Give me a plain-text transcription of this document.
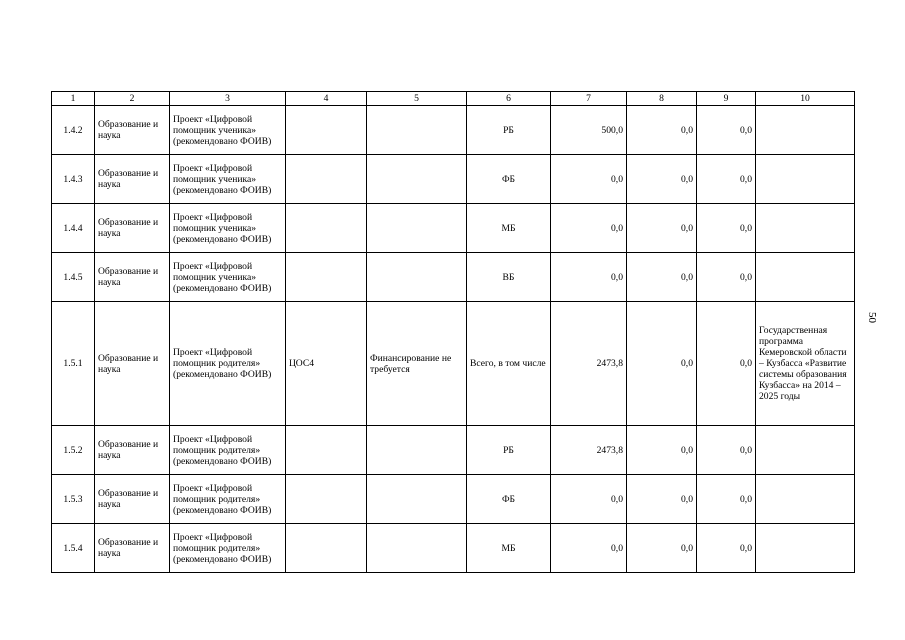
50
1	2	3	4	5	6	7	8	9	10
1.4.2	Образование и наука	Проект «Цифровой помощник ученика» (рекомендовано ФОИВ)			РБ	500,0	0,0	0,0	
1.4.3	Образование и наука	Проект «Цифровой помощник ученика» (рекомендовано ФОИВ)			ФБ	0,0	0,0	0,0	
1.4.4	Образование и наука	Проект «Цифровой помощник ученика» (рекомендовано ФОИВ)			МБ	0,0	0,0	0,0	
1.4.5	Образование и наука	Проект «Цифровой помощник ученика» (рекомендовано ФОИВ)			ВБ	0,0	0,0	0,0	
1.5.1	Образование и наука	Проект «Цифровой помощник родителя» (рекомендовано ФОИВ)	ЦОС4	Финансирование не требуется	Всего, в том числе	2473,8	0,0	0,0	Государственная программа Кемеровской области – Кузбасса «Развитие системы образования Кузбасса» на 2014 – 2025 годы
1.5.2	Образование и наука	Проект «Цифровой помощник родителя» (рекомендовано ФОИВ)			РБ	2473,8	0,0	0,0	
1.5.3	Образование и наука	Проект «Цифровой помощник родителя» (рекомендовано ФОИВ)			ФБ	0,0	0,0	0,0	
1.5.4	Образование и наука	Проект «Цифровой помощник родителя» (рекомендовано ФОИВ)			МБ	0,0	0,0	0,0	
